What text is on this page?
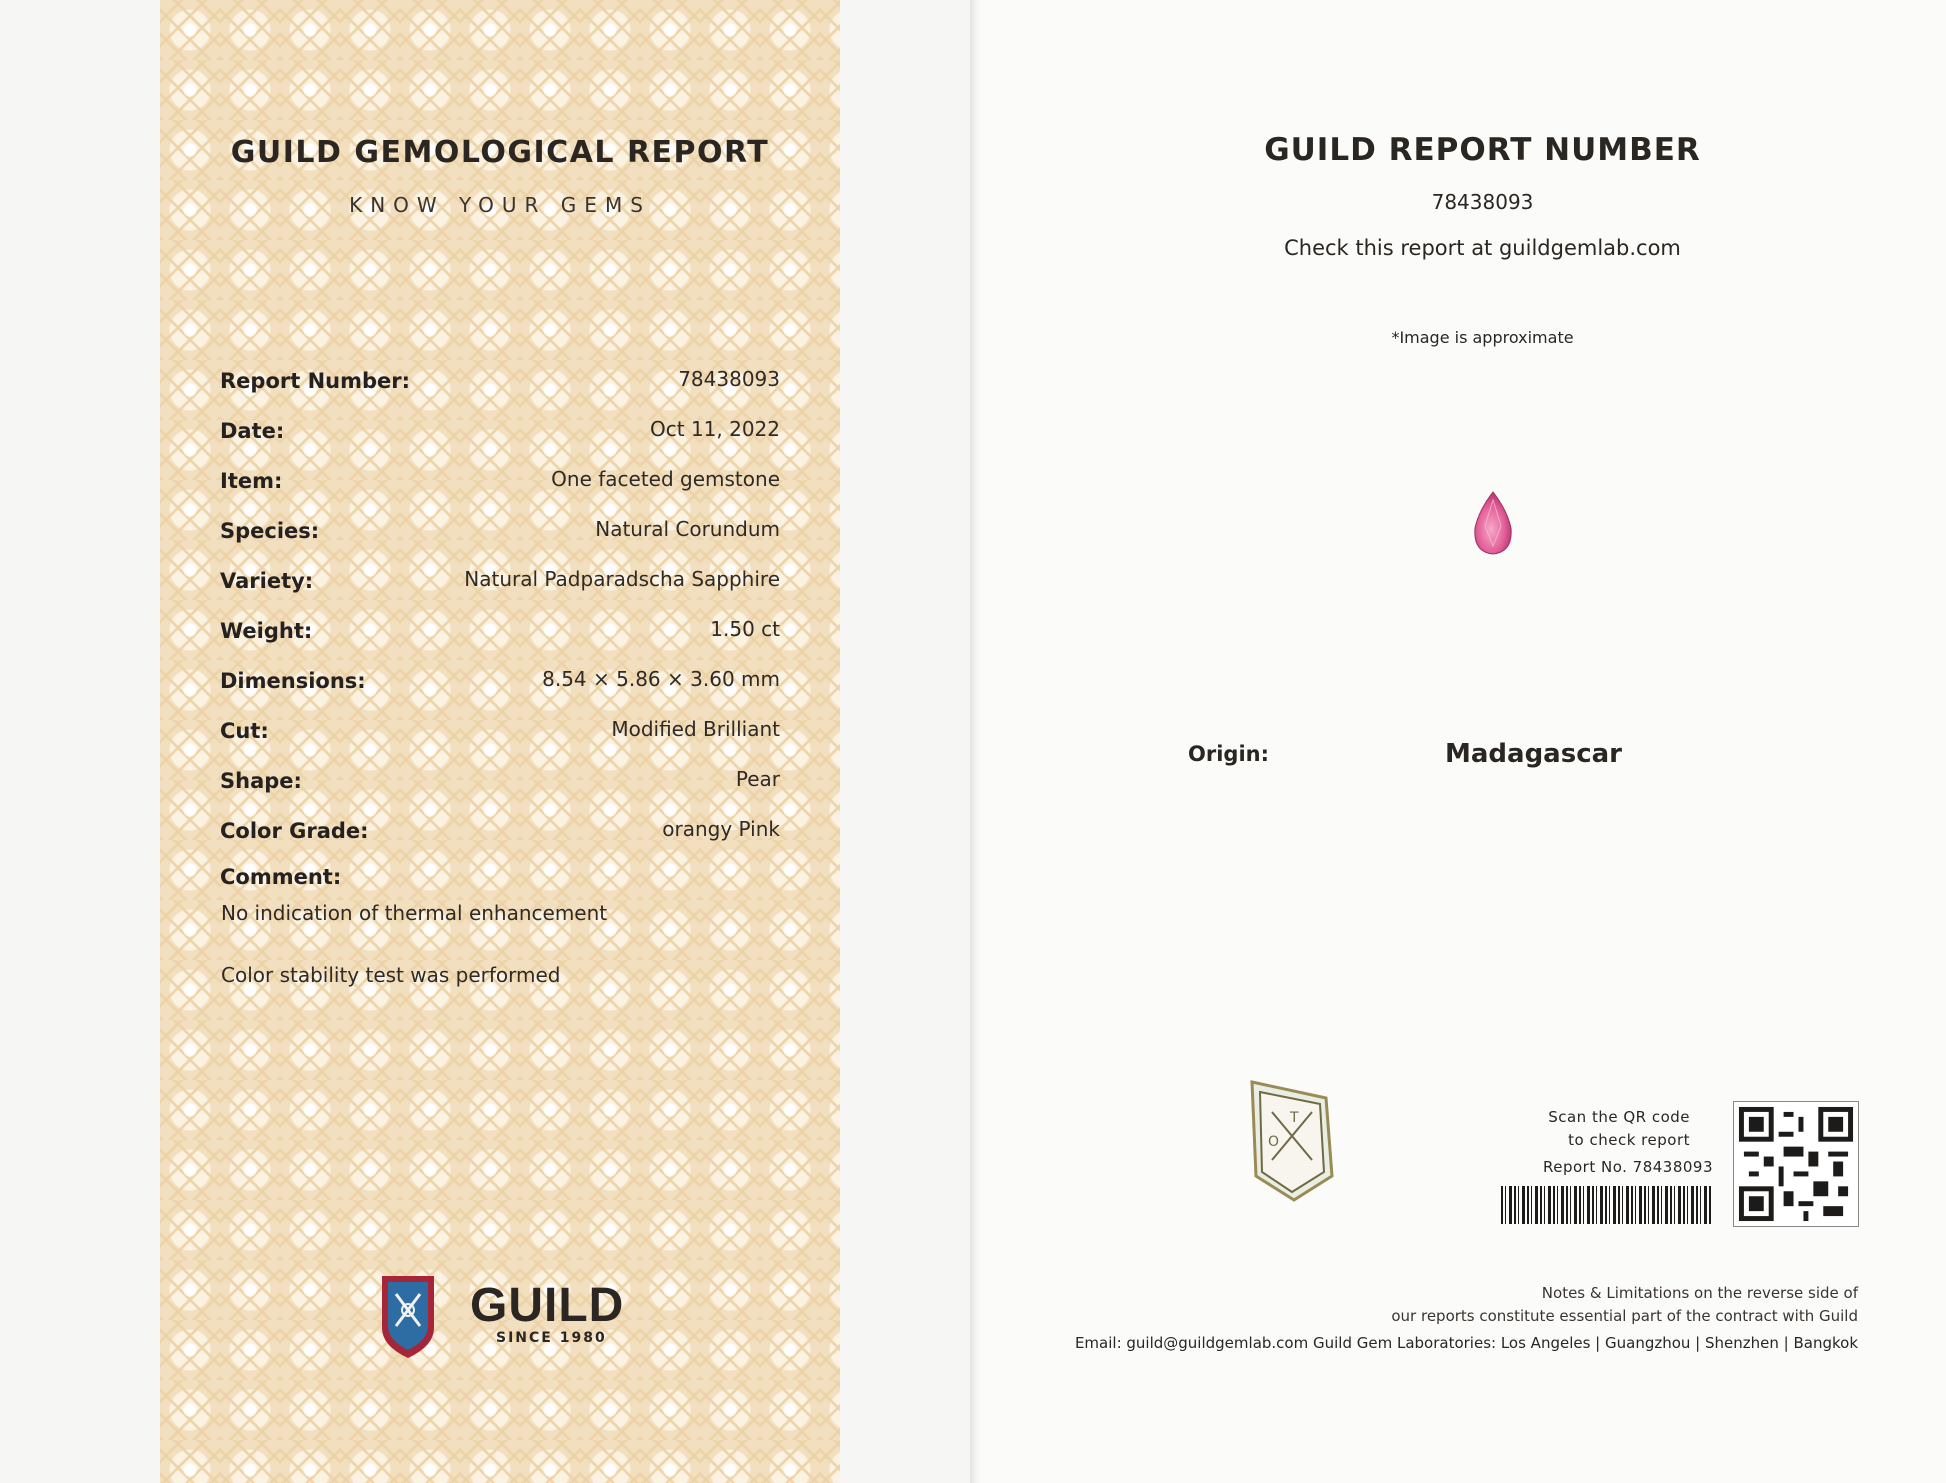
GUILD GEMOLOGICAL REPORT
KNOW YOUR GEMS
Report Number:	78438093
Date:	Oct 11, 2022
Item:	One faceted gemstone
Species:	Natural Corundum
Variety:	Natural Padparadscha Sapphire
Weight:	1.50 ct
Dimensions:	8.54 × 5.86 × 3.60 mm
Cut:	Modified Brilliant
Shape:	Pear
Color Grade:	orangy Pink
Comment:
No indication of thermal enhancement
Color stability test was performed
GUILD
SINCE 1980
GUILD REPORT NUMBER
78438093
Check this report at guildgemlab.com
*Image is approximate
Origin:	Madagascar
T
O
Scan the QR code
to check report
Report No. 78438093
Notes & Limitations on the reverse side of
our reports constitute essential part of the contract with Guild
Email: guild@guildgemlab.com Guild Gem Laboratories: Los Angeles | Guangzhou | Shenzhen | Bangkok
